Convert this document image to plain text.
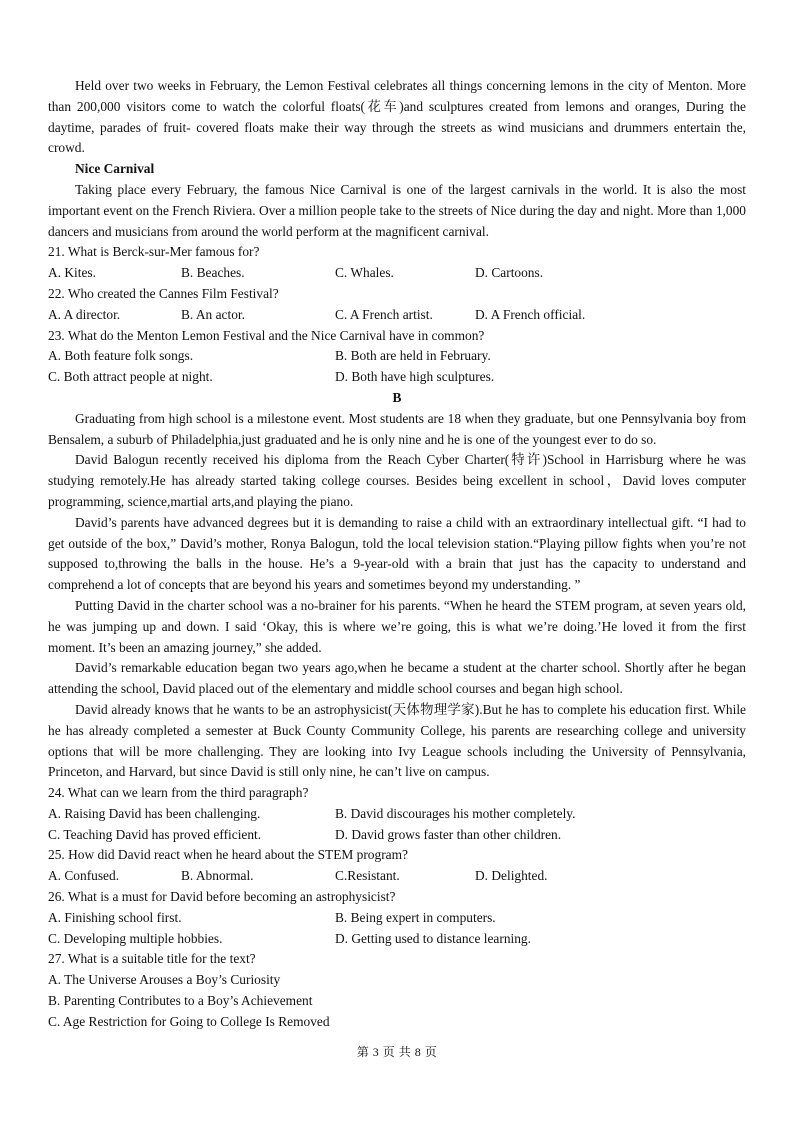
Held over two weeks in February, the Lemon Festival celebrates all things concerning lemons in the city of Menton. More than 200,000 visitors come to watch the colorful floats(花车)and sculptures created from lemons and oranges, During the daytime, parades of fruit- covered floats make their way through the streets as wind musicians and drummers entertain the, crowd.

Nice Carnival

Taking place every February, the famous Nice Carnival is one of the largest carnivals in the world. It is also the most important event on the French Riviera. Over a million people take to the streets of Nice during the day and night. More than 1,000 dancers and musicians from around the world perform at the magnificent carnival.

21. What is Berck-sur-Mer famous for?

A. Kites.	B. Beaches.	C. Whales.	D. Cartoons.

22. Who created the Cannes Film Festival?

A. A director.	B. An actor.	C. A French artist.	D. A French official.

23. What do the Menton Lemon Festival and the Nice Carnival have in common?

A. Both feature folk songs.	B. Both are held in February.
C. Both attract people at night.	D. Both have high sculptures.

B

Graduating from high school is a milestone event. Most students are 18 when they graduate, but one Pennsylvania boy from Bensalem, a suburb of Philadelphia,just graduated and he is only nine and he is one of the youngest ever to do so.

David Balogun recently received his diploma from the Reach Cyber Charter(特许)School in Harrisburg where he was studying remotely.He has already started taking college courses. Besides being excellent in school，David loves computer programming, science,martial arts,and playing the piano.

David’s parents have advanced degrees but it is demanding to raise a child with an extraordinary intellectual gift. “I had to get outside of the box,” David’s mother, Ronya Balogun, told the local television station.“Playing pillow fights when you’re not supposed to,throwing the balls in the house. He’s a 9-year-old with a brain that just has the capacity to understand and comprehend a lot of concepts that are beyond his years and sometimes beyond my understanding. ”

Putting David in the charter school was a no-brainer for his parents. “When he heard the STEM program, at seven years old, he was jumping up and down. I said ‘Okay, this is where we’re going, this is what we’re doing.’He loved it from the first moment. It’s been an amazing journey,” she added.

David’s remarkable education began two years ago,when he became a student at the charter school. Shortly after he began attending the school, David placed out of the elementary and middle school courses and began high school.

David already knows that he wants to be an astrophysicist(天体物理学家).But he has to complete his education first. While he has already completed a semester at Buck County Community College, his parents are researching college and university options that will be more challenging. They are looking into Ivy League schools including the University of Pennsylvania, Princeton, and Harvard, but since David is still only nine, he can’t live on campus.

24. What can we learn from the third paragraph?

A. Raising David has been challenging.	B. David discourages his mother completely.
C. Teaching David has proved efficient.	D. David grows faster than other children.

25. How did David react when he heard about the STEM program?

A. Confused.	B. Abnormal.	C.Resistant.	D. Delighted.

26. What is a must for David before becoming an astrophysicist?

A. Finishing school first.	B. Being expert in computers.
C. Developing multiple hobbies.	D. Getting used to distance learning.

27. What is a suitable title for the text?

A. The Universe Arouses a Boy’s Curiosity

B. Parenting Contributes to a Boy’s Achievement

C. Age Restriction for Going to College Is Removed

第 3 页 共 8 页
